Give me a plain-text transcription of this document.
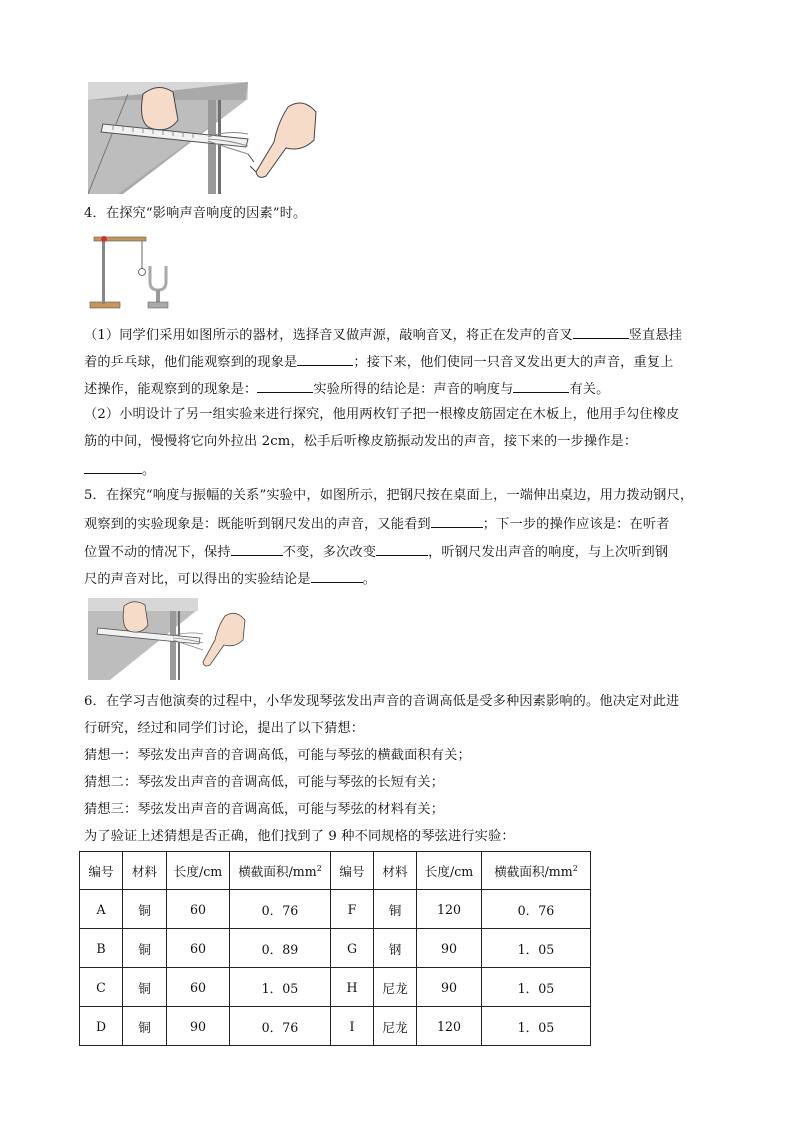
4．在探究“影响声音响度的因素”时。
（1）同学们采用如图所示的器材，选择音叉做声源，敲响音叉，将正在发声的音叉	竖直悬挂
着的乒乓球，他们能观察到的现象是	；接下来，他们使同一只音叉发出更大的声音，重复上
述操作，能观察到的现象是：	实验所得的结论是：声音的响度与	有关。
（2）小明设计了另一组实验来进行探究，他用两枚钉子把一根橡皮筋固定在木板上，他用手勾住橡皮
筋的中间，慢慢将它向外拉出 2cm，松手后听橡皮筋振动发出的声音，接下来的一步操作是：
。
5．在探究“响度与振幅的关系”实验中，如图所示，把钢尺按在桌面上，一端伸出桌边，用力拨动钢尺，
观察到的实验现象是：既能听到钢尺发出的声音，又能看到	；下一步的操作应该是：在听者
位置不动的情况下，保持	不变，多次改变	，听钢尺发出声音的响度，与上次听到钢
尺的声音对比，可以得出的实验结论是	。
6．在学习吉他演奏的过程中，小华发现琴弦发出声音的音调高低是受多种因素影响的。他决定对此进
行研究，经过和同学们讨论，提出了以下猜想：
猜想一：琴弦发出声音的音调高低，可能与琴弦的横截面积有关；
猜想二：琴弦发出声音的音调高低，可能与琴弦的长短有关；
猜想三：琴弦发出声音的音调高低，可能与琴弦的材料有关；
为了验证上述猜想是否正确，他们找到了 9 种不同规格的琴弦进行实验：
编号	材料	长度/cm	横截面积$/mm^2$	编号	材料	长度/cm	横截面积$/mm^2$
A	铜	60	0．76	F	铜	120	0．76
B	铜	60	0．89	G	钢	90	1．05
C	铜	60	1．05	H	尼龙	90	1．05
D	铜	90	0．76	I	尼龙	120	1．05
